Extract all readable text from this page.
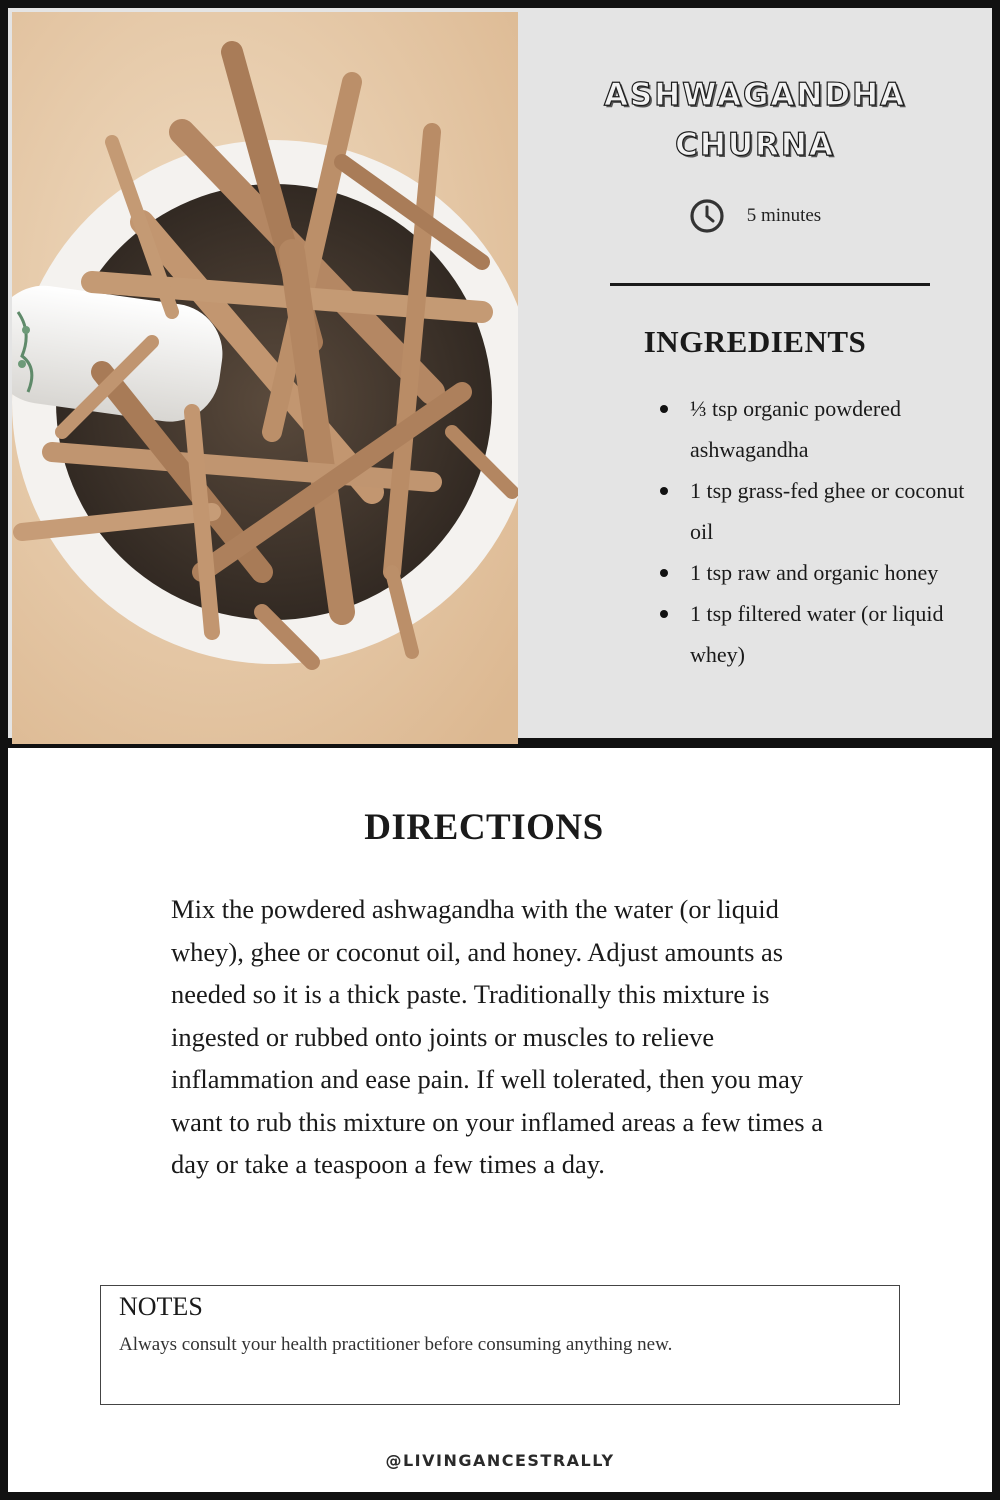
ASHWAGANDHA
CHURNA
5 minutes
INGREDIENTS
⅓ tsp organic powdered ashwagandha
1 tsp grass-fed ghee or coconut oil
1 tsp raw and organic honey
1 tsp filtered water (or liquid whey)
DIRECTIONS

Mix the powdered ashwagandha with the water (or liquid whey), ghee or coconut oil, and honey. Adjust amounts as needed so it is a thick paste. Traditionally this mixture is ingested or rubbed onto joints or muscles to relieve inflammation and ease pain. If well tolerated, then you may want to rub this mixture on your inflamed areas a few times a day or take a teaspoon a few times a day.

NOTES
Always consult your health practitioner before consuming anything new.
@LIVINGANCESTRALLY
